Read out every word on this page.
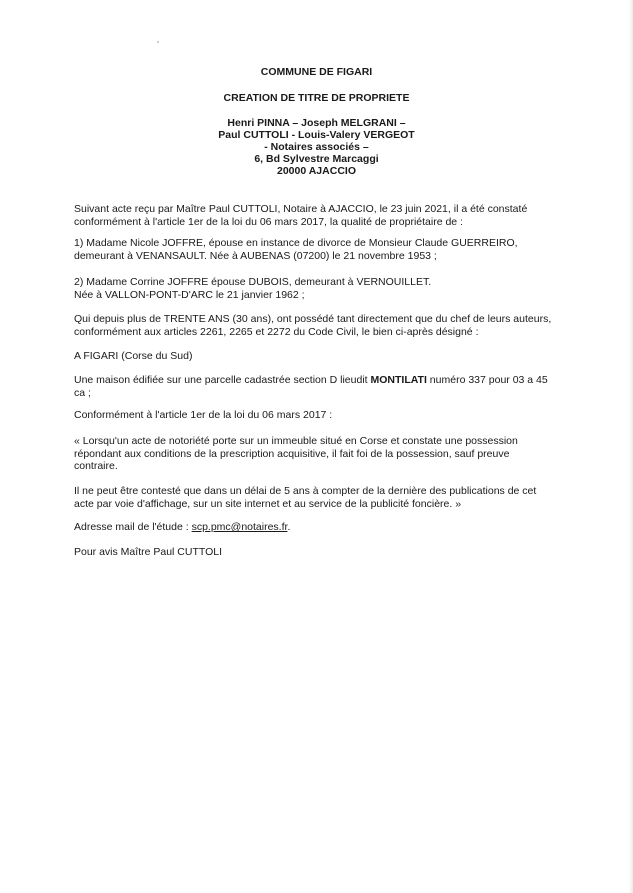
COMMUNE DE FIGARI
CREATION DE TITRE DE PROPRIETE
Henri PINNA – Joseph MELGRANI –
Paul CUTTOLI - Louis-Valery VERGEOT
- Notaires associés –
6, Bd Sylvestre Marcaggi
20000 AJACCIO

Suivant acte reçu par Maître Paul CUTTOLI, Notaire à AJACCIO, le 23 juin 2021, il a été constaté conformément à l'article 1er de la loi du 06 mars 2017, la qualité de propriétaire de :

1) Madame Nicole JOFFRE, épouse en instance de divorce de Monsieur Claude GUERREIRO, demeurant à VENANSAULT. Née à AUBENAS (07200) le 21 novembre 1953 ;

2) Madame Corrine JOFFRE épouse DUBOIS, demeurant à VERNOUILLET.

Née à VALLON-PONT-D'ARC le 21 janvier 1962 ;

Qui depuis plus de TRENTE ANS (30 ans), ont possédé tant directement que du chef de leurs auteurs, conformément aux articles 2261, 2265 et 2272 du Code Civil, le bien ci-après désigné :

A FIGARI (Corse du Sud)

Une maison édifiée sur une parcelle cadastrée section D lieudit MONTILATI numéro 337 pour 03 a 45 ca ;

Conformément à l'article 1er de la loi du 06 mars 2017 :

« Lorsqu'un acte de notoriété porte sur un immeuble situé en Corse et constate une possession répondant aux conditions de la prescription acquisitive, il fait foi de la possession, sauf preuve contraire.

Il ne peut être contesté que dans un délai de 5 ans à compter de la dernière des publications de cet acte par voie d'affichage, sur un site internet et au service de la publicité foncière. »

Adresse mail de l'étude : scp.pmc@notaires.fr.

Pour avis Maître Paul CUTTOLI
